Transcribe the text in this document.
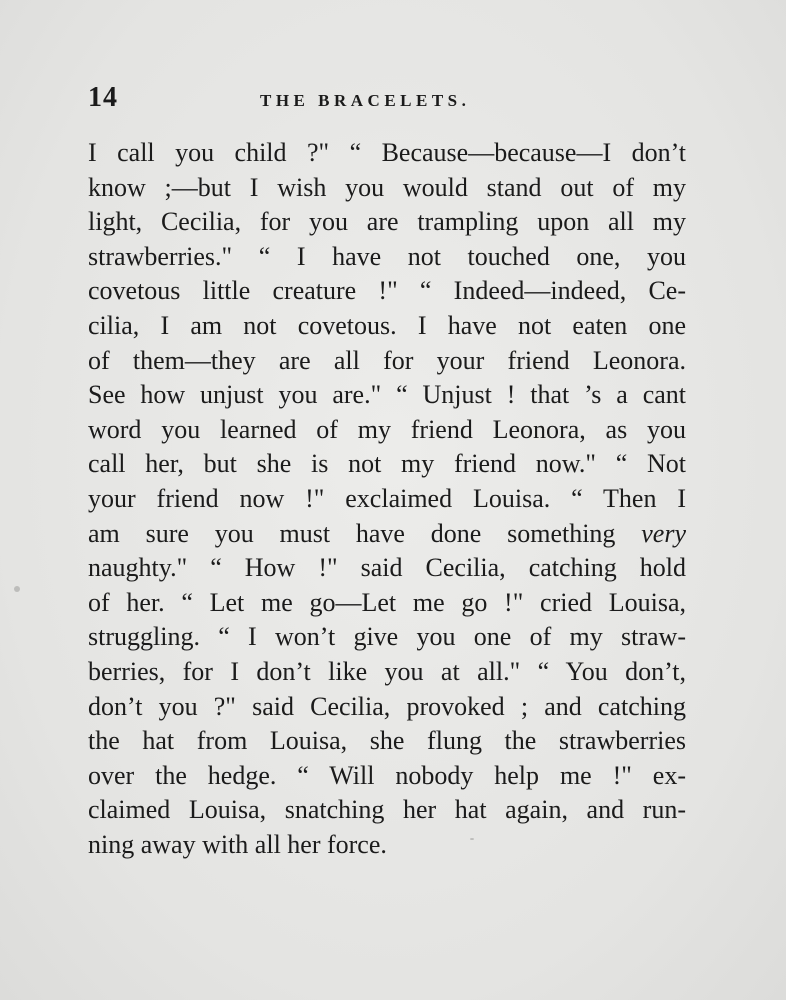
14	THE BRACELETS.
I call you child ?" “ Because—because—I don’t
know ;—but I wish you would stand out of my
light, Cecilia, for you are trampling upon all my
strawberries." “ I have not touched one, you
covetous little creature !" “ Indeed—indeed, Ce-
cilia, I am not covetous. I have not eaten one
of them—they are all for your friend Leonora.
See how unjust you are." “ Unjust ! that ’s a cant
word you learned of my friend Leonora, as you
call her, but she is not my friend now." “ Not
your friend now !" exclaimed Louisa. “ Then I
am sure you must have done something very
naughty." “ How !" said Cecilia, catching hold
of her. “ Let me go—Let me go !" cried Louisa,
struggling. “ I won’t give you one of my straw-
berries, for I don’t like you at all." “ You don’t,
don’t you ?" said Cecilia, provoked ; and catching
the hat from Louisa, she flung the strawberries
over the hedge. “ Will nobody help me !" ex-
claimed Louisa, snatching her hat again, and run-
ning away with all her force.
